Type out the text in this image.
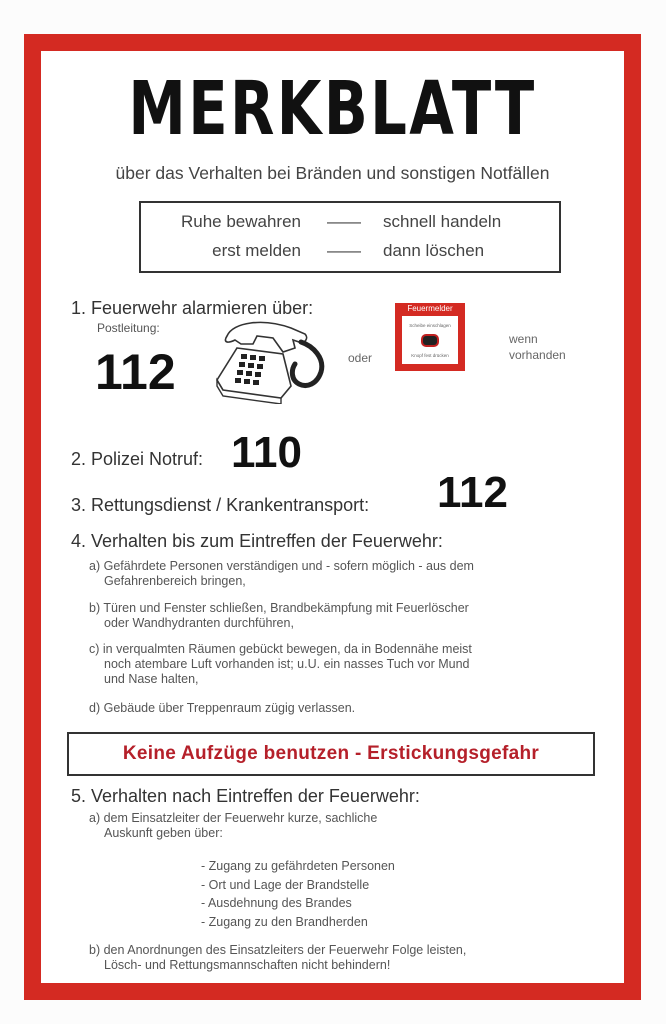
MERKBLATT
über das Verhalten bei Bränden und sonstigen Notfällen
Ruhe bewahren —— schnell handeln
erst melden —— dann löschen
1. Feuerwehr alarmieren über:
Postleitung:
112	oder
Feuermelder
Scheibe einschlagen
Knopf fest drücken
wenn
vorhanden
2. Polizei Notruf: 110
3. Rettungsdienst / Krankentransport: 112
4. Verhalten bis zum Eintreffen der Feuerwehr:
a) Gefährdete Personen verständigen und - sofern möglich - aus dem
Gefahrenbereich bringen,
b) Türen und Fenster schließen, Brandbekämpfung mit Feuerlöscher
oder Wandhydranten durchführen,
c) in verqualmten Räumen gebückt bewegen, da in Bodennähe meist
noch atembare Luft vorhanden ist; u.U. ein nasses Tuch vor Mund
und Nase halten,
d) Gebäude über Treppenraum zügig verlassen.
Keine Aufzüge benutzen - Erstickungsgefahr
5. Verhalten nach Eintreffen der Feuerwehr:
a) dem Einsatzleiter der Feuerwehr kurze, sachliche
Auskunft geben über:
- Zugang zu gefährdeten Personen
- Ort und Lage der Brandstelle
- Ausdehnung des Brandes
- Zugang zu den Brandherden
b) den Anordnungen des Einsatzleiters der Feuerwehr Folge leisten,
Lösch- und Rettungsmannschaften nicht behindern!
